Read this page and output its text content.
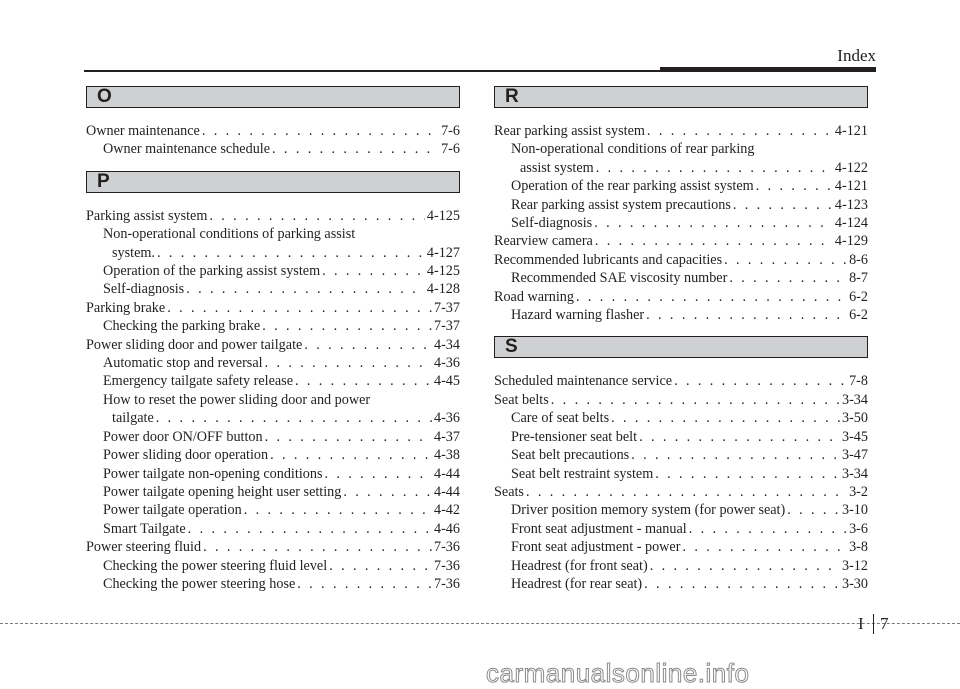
Index
O
Owner maintenance . . .	7-6
Owner maintenance schedule . . .	7-6
P
Parking assist system . . .	4-125
Non-operational conditions of parking assist
system. . . .	4-127
Operation of the parking assist system . . .	4-125
Self-diagnosis . . .	4-128
Parking brake . . .	7-37
Checking the parking brake . . .	7-37
Power sliding door and power tailgate . . .	4-34
Automatic stop and reversal . . .	4-36
Emergency tailgate safety release . . .	4-45
How to reset the power sliding door and power
tailgate . . .	4-36
Power door ON/OFF button . . .	4-37
Power sliding door operation . . .	4-38
Power tailgate non-opening conditions . . .	4-44
Power tailgate opening height user setting . . .	4-44
Power tailgate operation . . .	4-42
Smart Tailgate . . .	4-46
Power steering fluid . . .	7-36
Checking the power steering fluid level . . .	7-36
Checking the power steering hose . . .	7-36
R
Rear parking assist system . . .	4-121
Non-operational conditions of rear parking
assist system . . .	4-122
Operation of the rear parking assist system . . .	4-121
Rear parking assist system precautions . . .	4-123
Self-diagnosis . . .	4-124
Rearview camera . . .	4-129
Recommended lubricants and capacities . . .	8-6
Recommended SAE viscosity number . . .	8-7
Road warning . . .	6-2
Hazard warning flasher . . .	6-2
S
Scheduled maintenance service . . .	7-8
Seat belts . . .	3-34
Care of seat belts . . .	3-50
Pre-tensioner seat belt . . .	3-45
Seat belt precautions . . .	3-47
Seat belt restraint system . . .	3-34
Seats . . .	3-2
Driver position memory system (for power seat) . . .	3-10
Front seat adjustment - manual . . .	3-6
Front seat adjustment - power . . .	3-8
Headrest (for front seat) . . .	3-12
Headrest (for rear seat) . . .	3-30
I 7
carmanualsonline.info
